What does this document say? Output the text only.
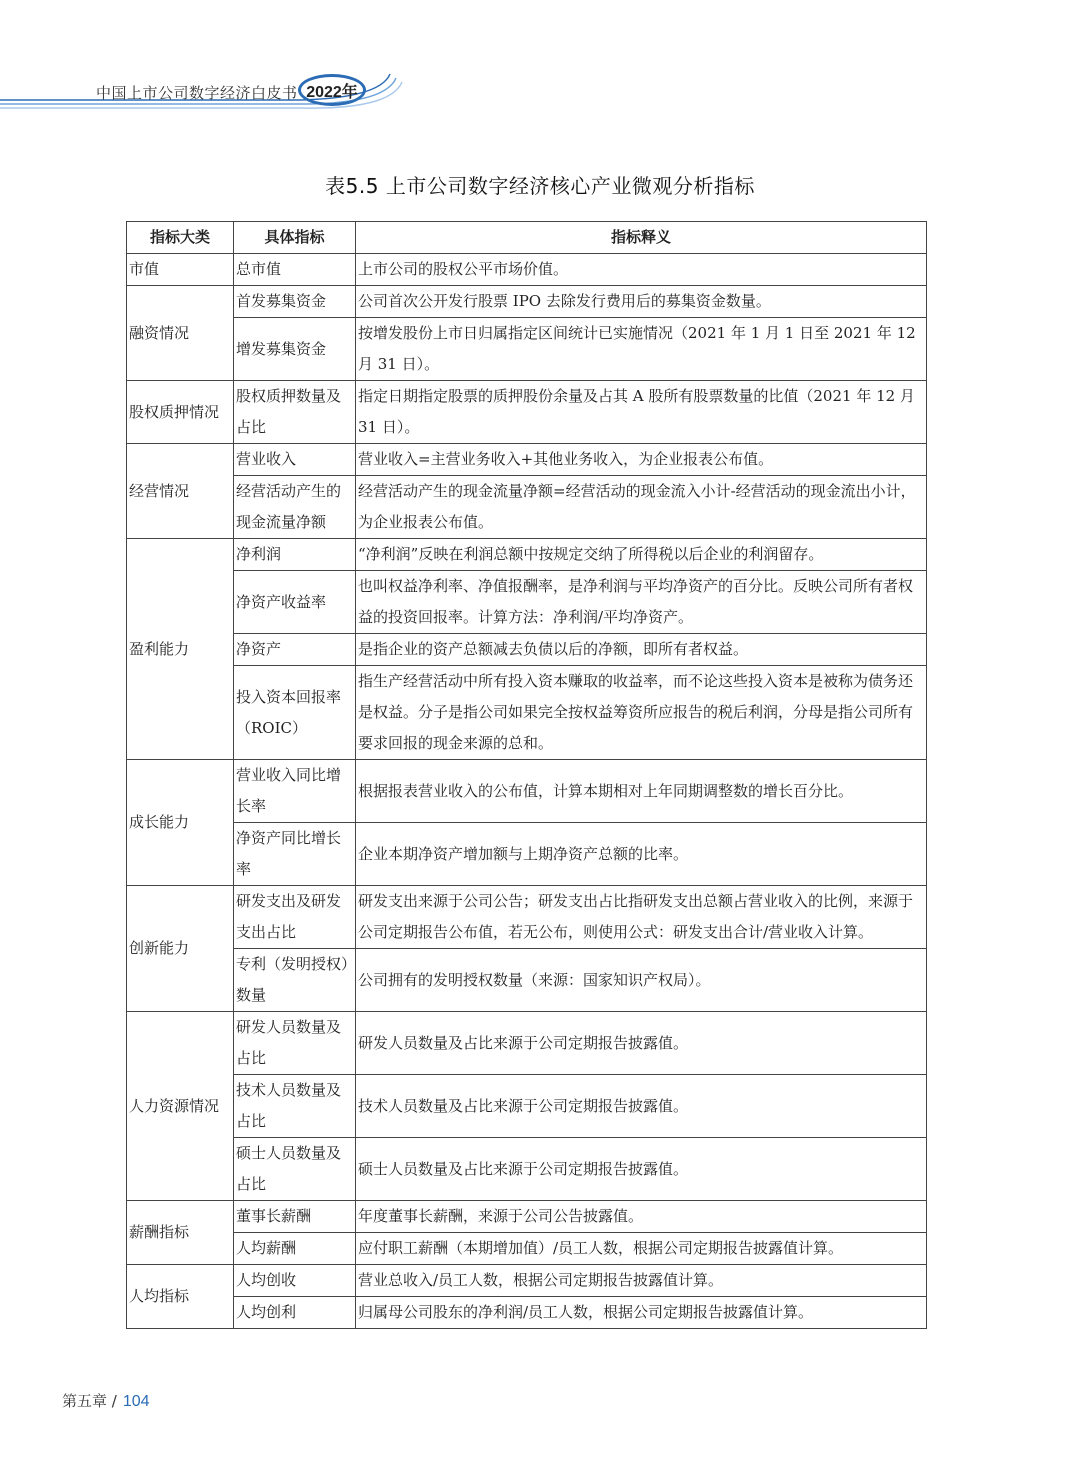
中国上市公司数字经济白皮书 2022年
表5.5 上市公司数字经济核心产业微观分析指标
指标大类	具体指标	指标释义
市值	总市值	上市公司的股权公平市场价值。
融资情况	首发募集资金	公司首次公开发行股票 IPO 去除发行费用后的募集资金数量。
	增发募集资金	按增发股份上市日归属指定区间统计已实施情况（2021 年 1 月 1 日至 2021 年 12 月 31 日）。
股权质押情况	股权质押数量及占比	指定日期指定股票的质押股份余量及占其 A 股所有股票数量的比值（2021 年 12 月 31 日）。
经营情况	营业收入	营业收入=主营业务收入+其他业务收入，为企业报表公布值。
	经营活动产生的现金流量净额	经营活动产生的现金流量净额=经营活动的现金流入小计-经营活动的现金流出小计，为企业报表公布值。
盈利能力	净利润	“净利润”反映在利润总额中按规定交纳了所得税以后企业的利润留存。
	净资产收益率	也叫权益净利率、净值报酬率，是净利润与平均净资产的百分比。反映公司所有者权益的投资回报率。计算方法：净利润/平均净资产。
	净资产	是指企业的资产总额减去负债以后的净额，即所有者权益。
	投入资本回报率（ROIC）	指生产经营活动中所有投入资本赚取的收益率，而不论这些投入资本是被称为债务还是权益。分子是指公司如果完全按权益筹资所应报告的税后利润，分母是指公司所有要求回报的现金来源的总和。
成长能力	营业收入同比增长率	根据报表营业收入的公布值，计算本期相对上年同期调整数的增长百分比。
	净资产同比增长率	企业本期净资产增加额与上期净资产总额的比率。
创新能力	研发支出及研发支出占比	研发支出来源于公司公告；研发支出占比指研发支出总额占营业收入的比例，来源于公司定期报告公布值，若无公布，则使用公式：研发支出合计/营业收入计算。
	专利（发明授权）数量	公司拥有的发明授权数量（来源：国家知识产权局）。
人力资源情况	研发人员数量及占比	研发人员数量及占比来源于公司定期报告披露值。
	技术人员数量及占比	技术人员数量及占比来源于公司定期报告披露值。
	硕士人员数量及占比	硕士人员数量及占比来源于公司定期报告披露值。
薪酬指标	董事长薪酬	年度董事长薪酬，来源于公司公告披露值。
	人均薪酬	应付职工薪酬（本期增加值）/员工人数，根据公司定期报告披露值计算。
人均指标	人均创收	营业总收入/员工人数，根据公司定期报告披露值计算。
	人均创利	归属母公司股东的净利润/员工人数，根据公司定期报告披露值计算。
第五章 / 104
